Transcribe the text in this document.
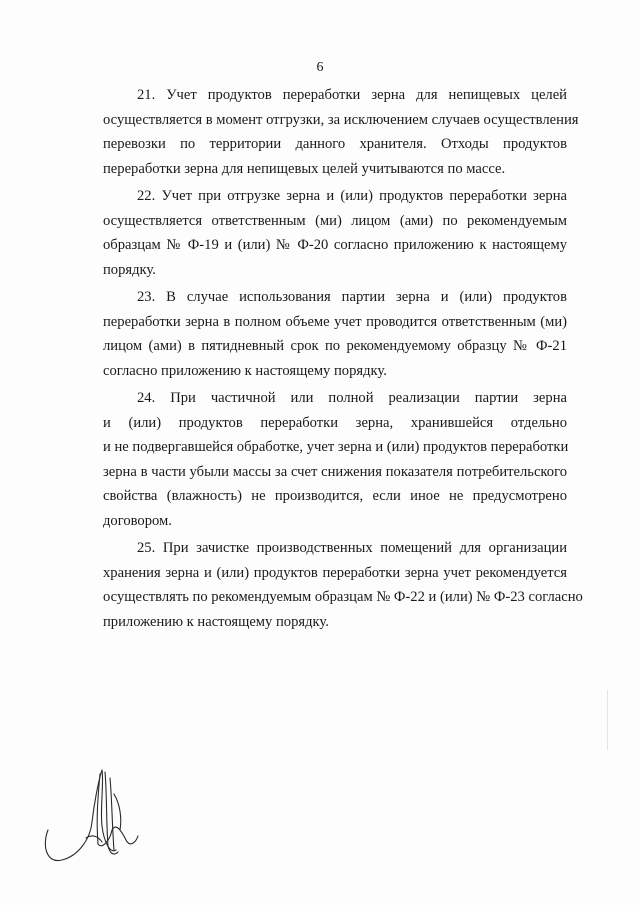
6

21. Учет продуктов переработки зерна для непищевых целей
осуществляется в момент отгрузки, за исключением случаев осуществления
перевозки по территории данного хранителя. Отходы продуктов
переработки зерна для непищевых целей учитываются по массе.

22. Учет при отгрузке зерна и (или) продуктов переработки зерна
осуществляется ответственным (ми) лицом (ами) по рекомендуемым
образцам № Ф-19 и (или) № Ф-20 согласно приложению к настоящему
порядку.

23. В случае использования партии зерна и (или) продуктов
переработки зерна в полном объеме учет проводится ответственным (ми)
лицом (ами) в пятидневный срок по рекомендуемому образцу № Ф-21
согласно приложению к настоящему порядку.

24. При частичной или полной реализации партии зерна
и (или) продуктов переработки зерна, хранившейся отдельно
и не подвергавшейся обработке, учет зерна и (или) продуктов переработки
зерна в части убыли массы за счет снижения показателя потребительского
свойства (влажность) не производится, если иное не предусмотрено
договором.

25. При зачистке производственных помещений для организации
хранения зерна и (или) продуктов переработки зерна учет рекомендуется
осуществлять по рекомендуемым образцам № Ф-22 и (или) № Ф-23 согласно
приложению к настоящему порядку.
